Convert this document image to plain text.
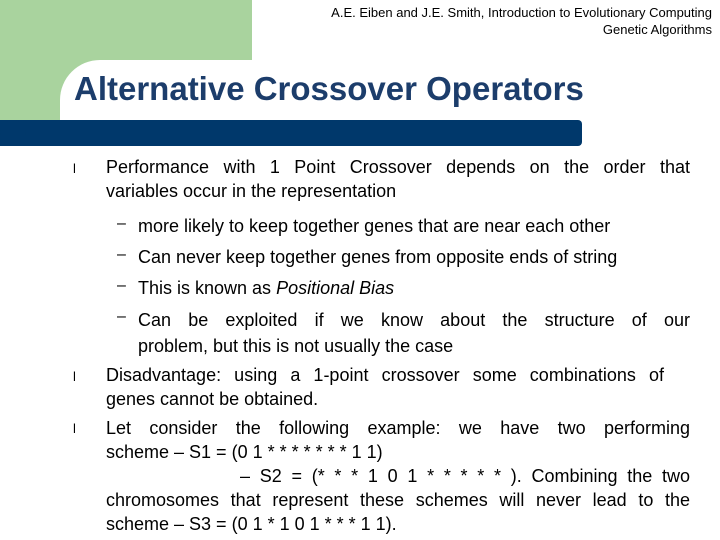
A.E. Eiben and J.E. Smith, Introduction to Evolutionary Computing
Genetic Algorithms
Alternative Crossover Operators
l Performance with 1 Point Crossover depends on the order that
variables occur in the representation
– more likely to keep together genes that are near each other
– Can never keep together genes from opposite ends of string
– This is known as Positional Bias
– Can be exploited if we know about the structure of our
problem, but this is not usually the case
l Disadvantage: using a 1-point crossover some combinations of
genes cannot be obtained.
l Let consider the following example: we have two performing
scheme – S1 = (0 1 * * * * * * * 1 1)
– S2 = (* * * 1 0 1 * * * * * ). Combining the two
chromosomes that represent these schemes will never lead to the
scheme – S3 = (0 1 * 1 0 1 * * * 1 1).
